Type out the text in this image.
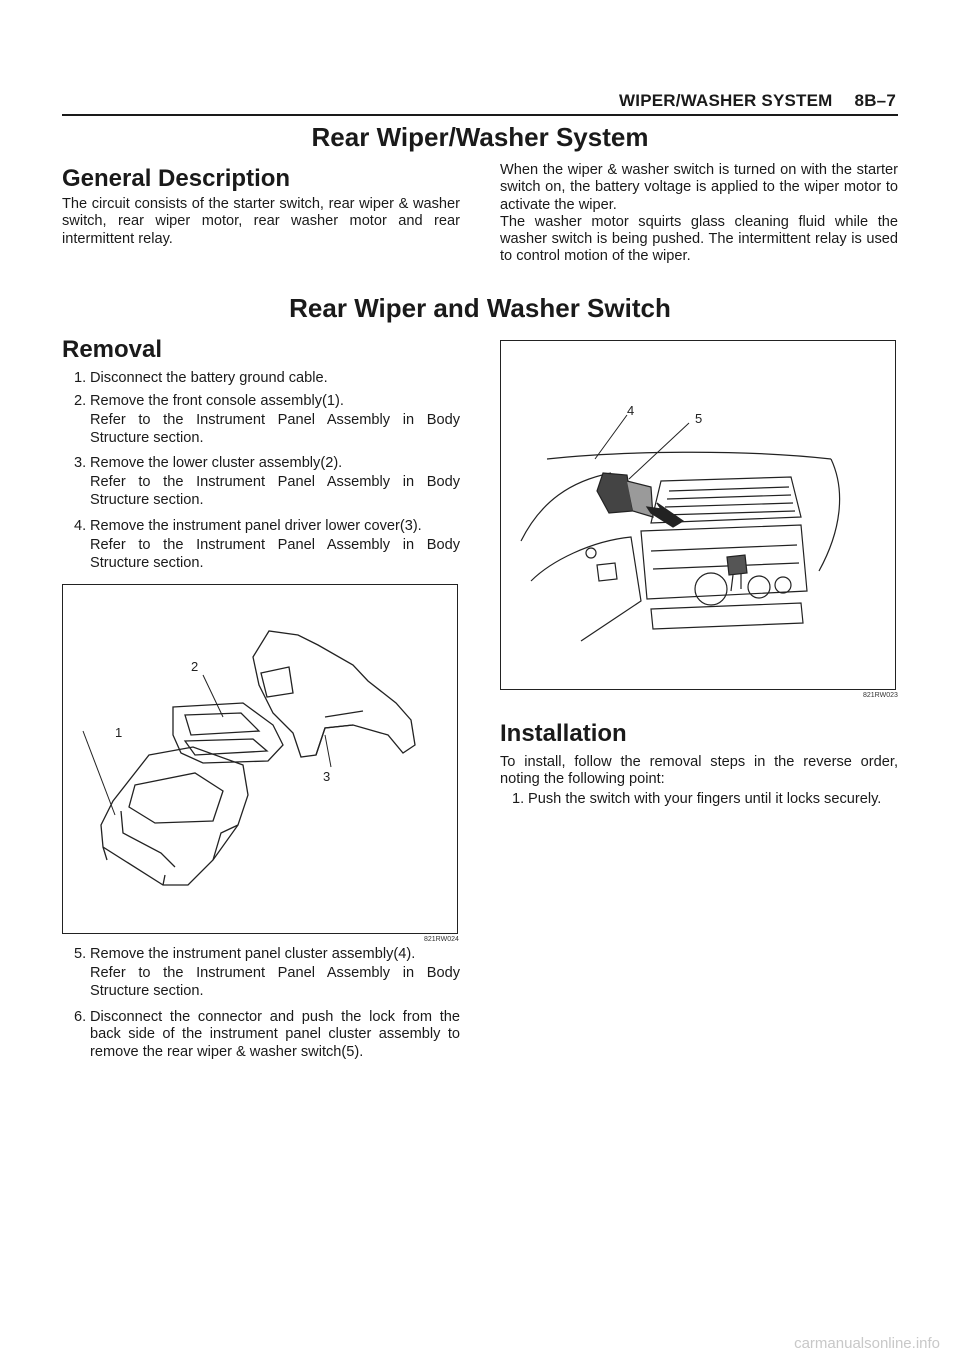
WIPER/WASHER SYSTEM 8B–7
Rear Wiper/Washer System
General Description
The circuit consists of the starter switch, rear wiper & washer switch, rear wiper motor, rear washer motor and rear intermittent relay.
When the wiper & washer switch is turned on with the starter switch on, the battery voltage is applied to the wiper motor to activate the wiper.
The washer motor squirts glass cleaning fluid while the washer switch is being pushed. The intermittent relay is used to control motion of the wiper.
Rear Wiper and Washer Switch
Removal
1. Disconnect the battery ground cable.
2. Remove the front console assembly(1).
Refer to the Instrument Panel Assembly in Body Structure section.
3. Remove the lower cluster assembly(2).
Refer to the Instrument Panel Assembly in Body Structure section.
4. Remove the instrument panel driver lower cover(3).
Refer to the Instrument Panel Assembly in Body Structure section.
1
2
3
821RW024
5. Remove the instrument panel cluster assembly(4).
Refer to the Instrument Panel Assembly in Body Structure section.
6. Disconnect the connector and push the lock from the back side of the instrument panel cluster assembly to remove the rear wiper & washer switch(5).
4
5
821RW023
Installation
To install, follow the removal steps in the reverse order, noting the following point:
1. Push the switch with your fingers until it locks securely.
carmanualsonline.info
